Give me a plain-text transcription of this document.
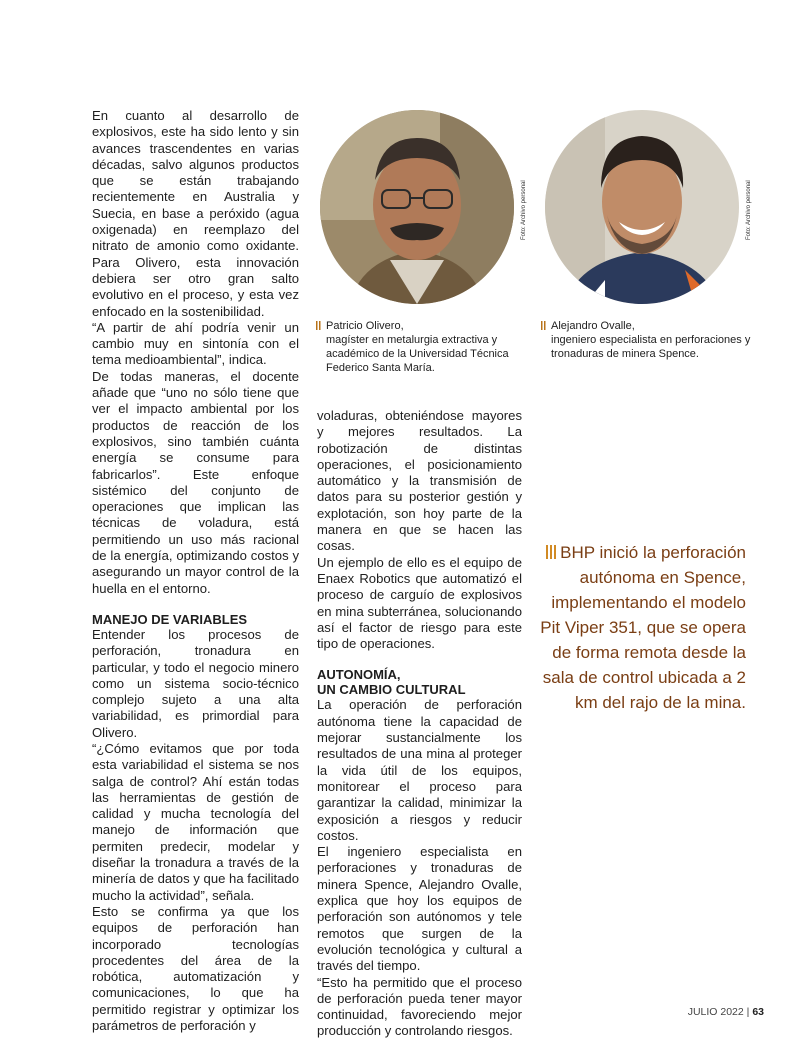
En cuanto al desarrollo de explosivos, este ha sido lento y sin avances trascendentes en varias décadas, salvo algunos productos que se están trabajando recientemente en Australia y Suecia, en base a peróxido (agua oxigenada) en reemplazo del nitrato de amonio como oxidante. Para Olivero, esta innovación debiera ser otro gran salto evolutivo en el proceso, y esta vez enfocado en la sostenibilidad.

“A partir de ahí podría venir un cambio muy en sintonía con el tema medioambiental”, indica.

De todas maneras, el docente añade que “uno no sólo tiene que ver el impacto ambiental por los productos de reacción de los explosivos, sino también cuánta energía se consume para fabricarlos”. Este enfoque sistémico del conjunto de operaciones que implican las técnicas de voladura, está permitiendo un uso más racional de la energía, optimizando costos y asegurando un mayor control de la huella en el entorno.

MANEJO DE VARIABLES

Entender los procesos de perforación, tronadura en particular, y todo el negocio minero como un sistema socio-técnico complejo sujeto a una alta variabilidad, es primordial para Olivero.

“¿Cómo evitamos que por toda esta variabilidad el sistema se nos salga de control? Ahí están todas las herramientas de gestión de calidad y mucha tecnología del manejo de información que permiten predecir, modelar y diseñar la tronadura a través de la minería de datos y que ha facilitado mucho la actividad”, señala.

Esto se confirma ya que los equipos de perforación han incorporado tecnologías procedentes del área de la robótica, automatización y comunicaciones, lo que ha permitido registrar y optimizar los parámetros de perforación y

voladuras, obteniéndose mayores y mejores resultados. La robotización de distintas operaciones, el posicionamiento automático y la transmisión de datos para su posterior gestión y explotación, son hoy parte de la manera en que se hacen las cosas.

Un ejemplo de ello es el equipo de Enaex Robotics que automatizó el proceso de carguío de explosivos en mina subterránea, solucionando así el factor de riesgo para este tipo de operaciones.

AUTONOMÍA,
UN CAMBIO CULTURAL

La operación de perforación autónoma tiene la capacidad de mejorar sustancialmente los resultados de una mina al proteger la vida útil de los equipos, monitorear el proceso para garantizar la calidad, minimizar la exposición a riesgos y reducir costos.

El ingeniero especialista en perforaciones y tronaduras de minera Spence, Alejandro Ovalle, explica que hoy los equipos de perforación son autónomos y tele remotos que surgen de la evolución tecnológica y cultural a través del tiempo.

“Esto ha permitido que el proceso de perforación pueda tener mayor continuidad, favoreciendo mejor producción y controlando riesgos.

Foto: Archivo personal
Patricio Olivero,
magíster en metalurgia extractiva y académico de la Universidad Técnica Federico Santa María.
Foto: Archivo personal
Alejandro Ovalle,
ingeniero especialista en perforaciones y tronaduras de minera Spence.
BHP inició la perforación autónoma en Spence, implementando el modelo Pit Viper 351, que se opera de forma remota desde la sala de control ubicada a 2 km del rajo de la mina.
JULIO 2022 | 63
